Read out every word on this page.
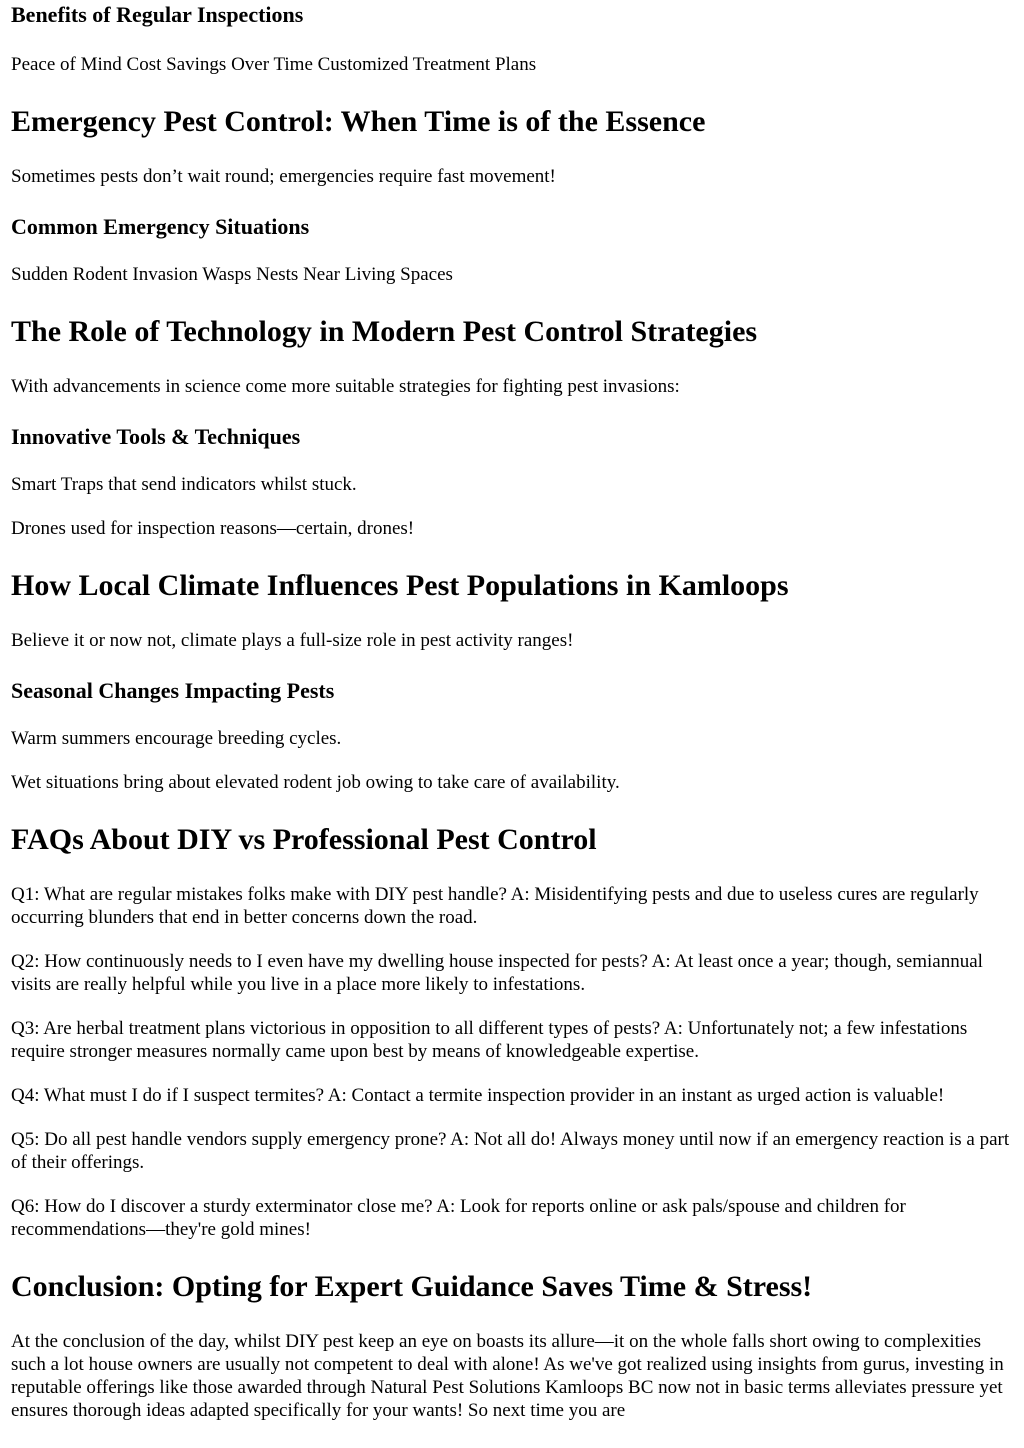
Benefits of Regular Inspections

Peace of Mind Cost Savings Over Time Customized Treatment Plans

Emergency Pest Control: When Time is of the Essence

Sometimes pests don’t wait round; emergencies require fast movement!

Common Emergency Situations

Sudden Rodent Invasion Wasps Nests Near Living Spaces

The Role of Technology in Modern Pest Control Strategies

With advancements in science come more suitable strategies for fighting pest invasions:

Innovative Tools & Techniques

Smart Traps that send indicators whilst stuck.

Drones used for inspection reasons—certain, drones!

How Local Climate Influences Pest Populations in Kamloops

Believe it or now not, climate plays a full-size role in pest activity ranges!

Seasonal Changes Impacting Pests

Warm summers encourage breeding cycles.

Wet situations bring about elevated rodent job owing to take care of availability.

FAQs About DIY vs Professional Pest Control

Q1: What are regular mistakes folks make with DIY pest handle? A: Misidentifying pests and due to useless cures are regularly occurring blunders that end in better concerns down the road.

Q2: How continuously needs to I even have my dwelling house inspected for pests? A: At least once a year; though, semiannual visits are really helpful while you live in a place more likely to infestations.

Q3: Are herbal treatment plans victorious in opposition to all different types of pests? A: Unfortunately not; a few infestations require stronger measures normally came upon best by means of knowledgeable expertise.

Q4: What must I do if I suspect termites? A: Contact a termite inspection provider in an instant as urged action is valuable!

Q5: Do all pest handle vendors supply emergency prone? A: Not all do! Always money until now if an emergency reaction is a part of their offerings.

Q6: How do I discover a sturdy exterminator close me? A: Look for reports online or ask pals/spouse and children for recommendations—they're gold mines!

Conclusion: Opting for Expert Guidance Saves Time & Stress!

At the conclusion of the day, whilst DIY pest keep an eye on boasts its allure—it on the whole falls short owing to complexities such a lot house owners are usually not competent to deal with alone! As we've got realized using insights from gurus, investing in reputable offerings like those awarded through Natural Pest Solutions Kamloops BC now not in basic terms alleviates pressure yet ensures thorough ideas adapted specifically for your wants! So next time you are
